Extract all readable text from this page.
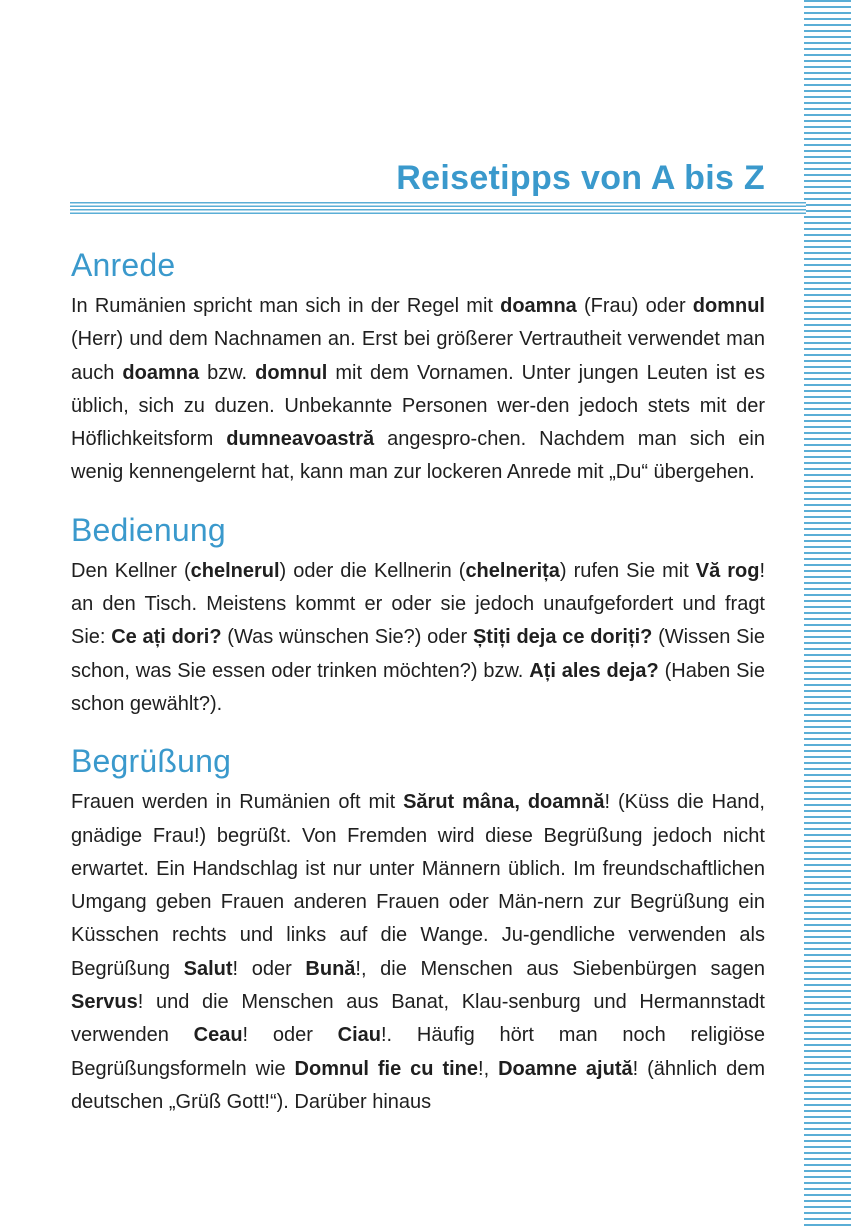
Reisetipps von A bis Z
Anrede

In Rumänien spricht man sich in der Regel mit doamna (Frau) oder domnul (Herr) und dem Nachnamen an. Erst bei größerer Vertrautheit verwendet man auch doamna bzw. domnul mit dem Vornamen. Unter jungen Leuten ist es üblich, sich zu duzen. Unbekannte Personen wer-den jedoch stets mit der Höflichkeitsform dumneavoastră angespro-chen. Nachdem man sich ein wenig kennengelernt hat, kann man zur lockeren Anrede mit „Du“ übergehen.

Bedienung

Den Kellner (chelnerul) oder die Kellnerin (chelnerița) rufen Sie mit Vă rog! an den Tisch. Meistens kommt er oder sie jedoch unaufgefordert und fragt Sie: Ce ați dori? (Was wünschen Sie?) oder Știți deja ce doriți? (Wissen Sie schon, was Sie essen oder trinken möchten?) bzw. Ați ales deja? (Haben Sie schon gewählt?).

Begrüßung

Frauen werden in Rumänien oft mit Sărut mâna, doamnă! (Küss die Hand, gnädige Frau!) begrüßt. Von Fremden wird diese Begrüßung jedoch nicht erwartet. Ein Handschlag ist nur unter Männern üblich. Im freundschaftlichen Umgang geben Frauen anderen Frauen oder Män-nern zur Begrüßung ein Küsschen rechts und links auf die Wange. Ju-gendliche verwenden als Begrüßung Salut! oder Bună!, die Menschen aus Siebenbürgen sagen Servus! und die Menschen aus Banat, Klau-senburg und Hermannstadt verwenden Ceau! oder Ciau!. Häufig hört man noch religiöse Begrüßungsformeln wie Domnul fie cu tine!, Doamne ajută! (ähnlich dem deutschen „Grüß Gott!“). Darüber hinaus
